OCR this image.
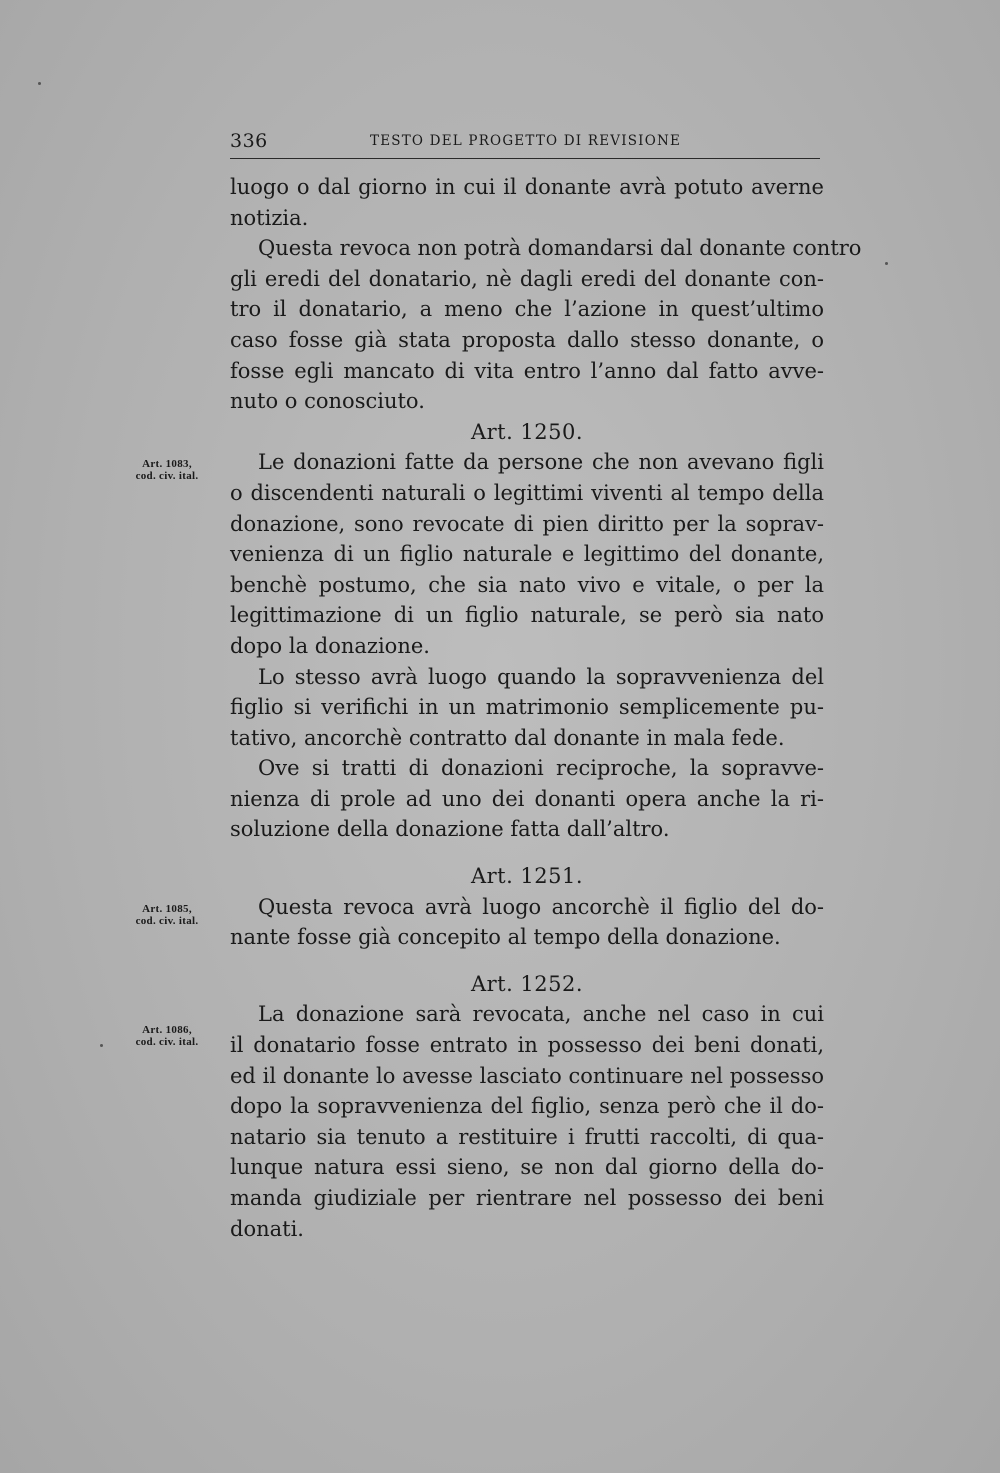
336	TESTO DEL PROGETTO DI REVISIONE
Art. 1083,
cod. civ. ital.
Art. 1085,
cod. civ. ital.
Art. 1086,
cod. civ. ital.
luogo o dal giorno in cui il donante avrà potuto averne
notizia.
Questa revoca non potrà domandarsi dal donante contro
gli eredi del donatario, nè dagli eredi del donante con-
tro il donatario, a meno che l’azione in quest’ultimo
caso fosse già stata proposta dallo stesso donante, o
fosse egli mancato di vita entro l’anno dal fatto avve-
nuto o conosciuto.
Art. 1250.
Le donazioni fatte da persone che non avevano figli
o discendenti naturali o legittimi viventi al tempo della
donazione, sono revocate di pien diritto per la soprav-
venienza di un figlio naturale e legittimo del donante,
benchè postumo, che sia nato vivo e vitale, o per la
legittimazione di un figlio naturale, se però sia nato
dopo la donazione.
Lo stesso avrà luogo quando la sopravvenienza del
figlio si verifichi in un matrimonio semplicemente pu-
tativo, ancorchè contratto dal donante in mala fede.
Ove si tratti di donazioni reciproche, la sopravve-
nienza di prole ad uno dei donanti opera anche la ri-
soluzione della donazione fatta dall’altro.
Art. 1251.
Questa revoca avrà luogo ancorchè il figlio del do-
nante fosse già concepito al tempo della donazione.
Art. 1252.
La donazione sarà revocata, anche nel caso in cui
il donatario fosse entrato in possesso dei beni donati,
ed il donante lo avesse lasciato continuare nel possesso
dopo la sopravvenienza del figlio, senza però che il do-
natario sia tenuto a restituire i frutti raccolti, di qua-
lunque natura essi sieno, se non dal giorno della do-
manda giudiziale per rientrare nel possesso dei beni
donati.
